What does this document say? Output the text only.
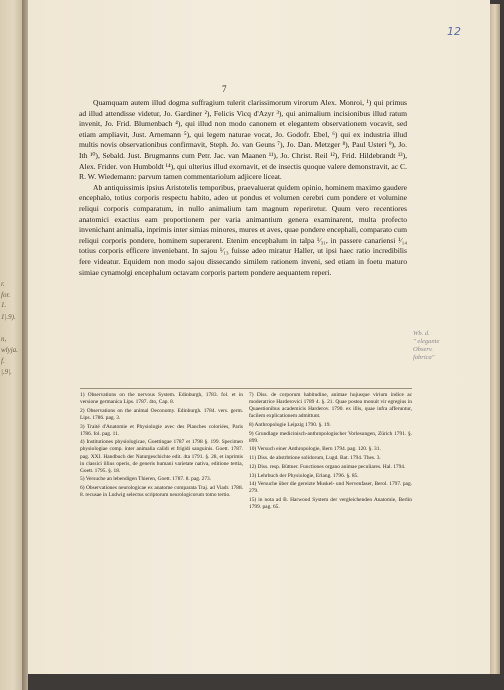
r.
for.
1.
1|.9).
n,
wlyja.
f.
|.9|.
12
7

Quamquam autem illud dogma suffragium tulerit clarissimorum virorum Alex. Monroi, ¹) qui primus ad illud attendisse videtur, Jo. Gardiner ²), Felicis Vicq d'Azyr ³), qui animalium incisionibus illud ratum invenit, Jo. Frid. Blumenbach ⁴), qui illud non modo canonem et elegantem observationem vocavit, sed etiam ampliavit, Just. Arnemann ⁵), qui legem naturae vocat, Jo. Godofr. Ebel, ⁶) qui ex industria illud multis novis observationibus confirmavit, Steph. Jo. van Geuns ⁷), Jo. Dan. Metzger ⁸), Paul Usteri ⁹), Jo. Ith ¹⁰), Sebald. Just. Brugmanns cum Petr. Jac. van Maanen ¹¹), Jo. Christ. Reil ¹²), Frid. Hildebrandt ¹³), Alex. Frider. von Humboldt ¹⁴), qui ulterius illud exornavit, et de insectis quoque valere demonstravit, ac C. R. W. Wiedemann: parvum tamen commentariolum adjicere liceat.

Ab antiquissimis ipsius Aristotelis temporibus, praevaluerat quidem opinio, hominem maximo gaudere encephalo, totius corporis respectu habito, adeo ut pondus et volumen cerebri cum pondere et volumine reliqui corporis comparatum, in nullo animalium tam magnum reperiretur. Quum vero recentiores anatomici exactius eam proportionem per varia animantium genera examinarent, multa profecto invenichant animalia, inprimis inter simias minores, mures et aves, quae pondere encephali, comparato cum reliqui corporis pondere, hominem superarent. Etenim encephalum in talpa ¹⁄₃₁, in passere canariensi ¹⁄₁₄ totius corporis efficere inveniebant. In sajou ¹⁄₁₃ fuisse adeo miratur Haller, ut ipsi haec ratio incredibilis fere videatur. Equidem non modo sajou dissecando similem rationem inveni, sed etiam in foetu maturo simiae cynamolgi encephalum octavam corporis partem pondere aequantem reperi.

1) Observations on the nervous System. Edinburgh, 1783. fol. et in versione germanica Lips. 1787. 4to, Cap. 8.
2) Observations on the animal Oeconomy. Edinburgh. 1784. vers. germ. Lips. 1786. pag. 3.
3) Traité d'Anatomie et Physiologie avec des Planches coloriées, Paris 1786. fol. pag. 11.
4) Institutiones physiologicae, Goettingae 1787 et 1798 §. 199. Specimen physiologiae comp. inter animalia calidi et frigidi sanguinis. Goett. 1787. pag. XXI. Handbuch der Naturgeschichte edit. 4ta 1791. §. 28, et inprimis in classici illius operis, de generis humani varietate nativa, editione tertia, Goett. 1795. §. 18.
5) Versuche an lebendigen Thieren, Goett. 1787. 8. pag. 273.
6) Observationes neurologicae ex anatome comparata Traj. ad Viadr. 1788. 8. recusae in Ludwig selectus scriptorum neurologicorum tomo tertio.
7) Diss. de corporum habitudine, animae hujusque virium indice ac moderatrice Harderovici 1789 4. §. 21. Quae postea monuit vir egregius in Quaestionibus academicis Harderov. 1790. ex illis, quae infra afferuntur, facilem explicationem admittunt.
8) Anthropologie Leipzig 1790. §. 19.
9) Grundlage medicinisch-anthropologischer Vorlesungen, Zürich 1791. §. 899.
10) Versuch einer Anthropologie, Bern 1794. pag. 120. §. 31.
11) Diss. de abstrbtione solidorum, Lugd. Bat. 1794. Thes. 3.
12) Diss. resp. Büttner. Functiones organo animae peculiares. Hal. 1794.
13) Lehrbuch der Physiologie, Erlang. 1796. §. 85.
14) Versuche über die gereizte Muskel- und Nervenfaser, Berol. 1797. pag. 279.
15) in nota ad B. Harwood System der vergleichenden Anatomie, Berlin 1799. pag. 65.
Wb. d.
" elegante
Observ.
fabrica"
